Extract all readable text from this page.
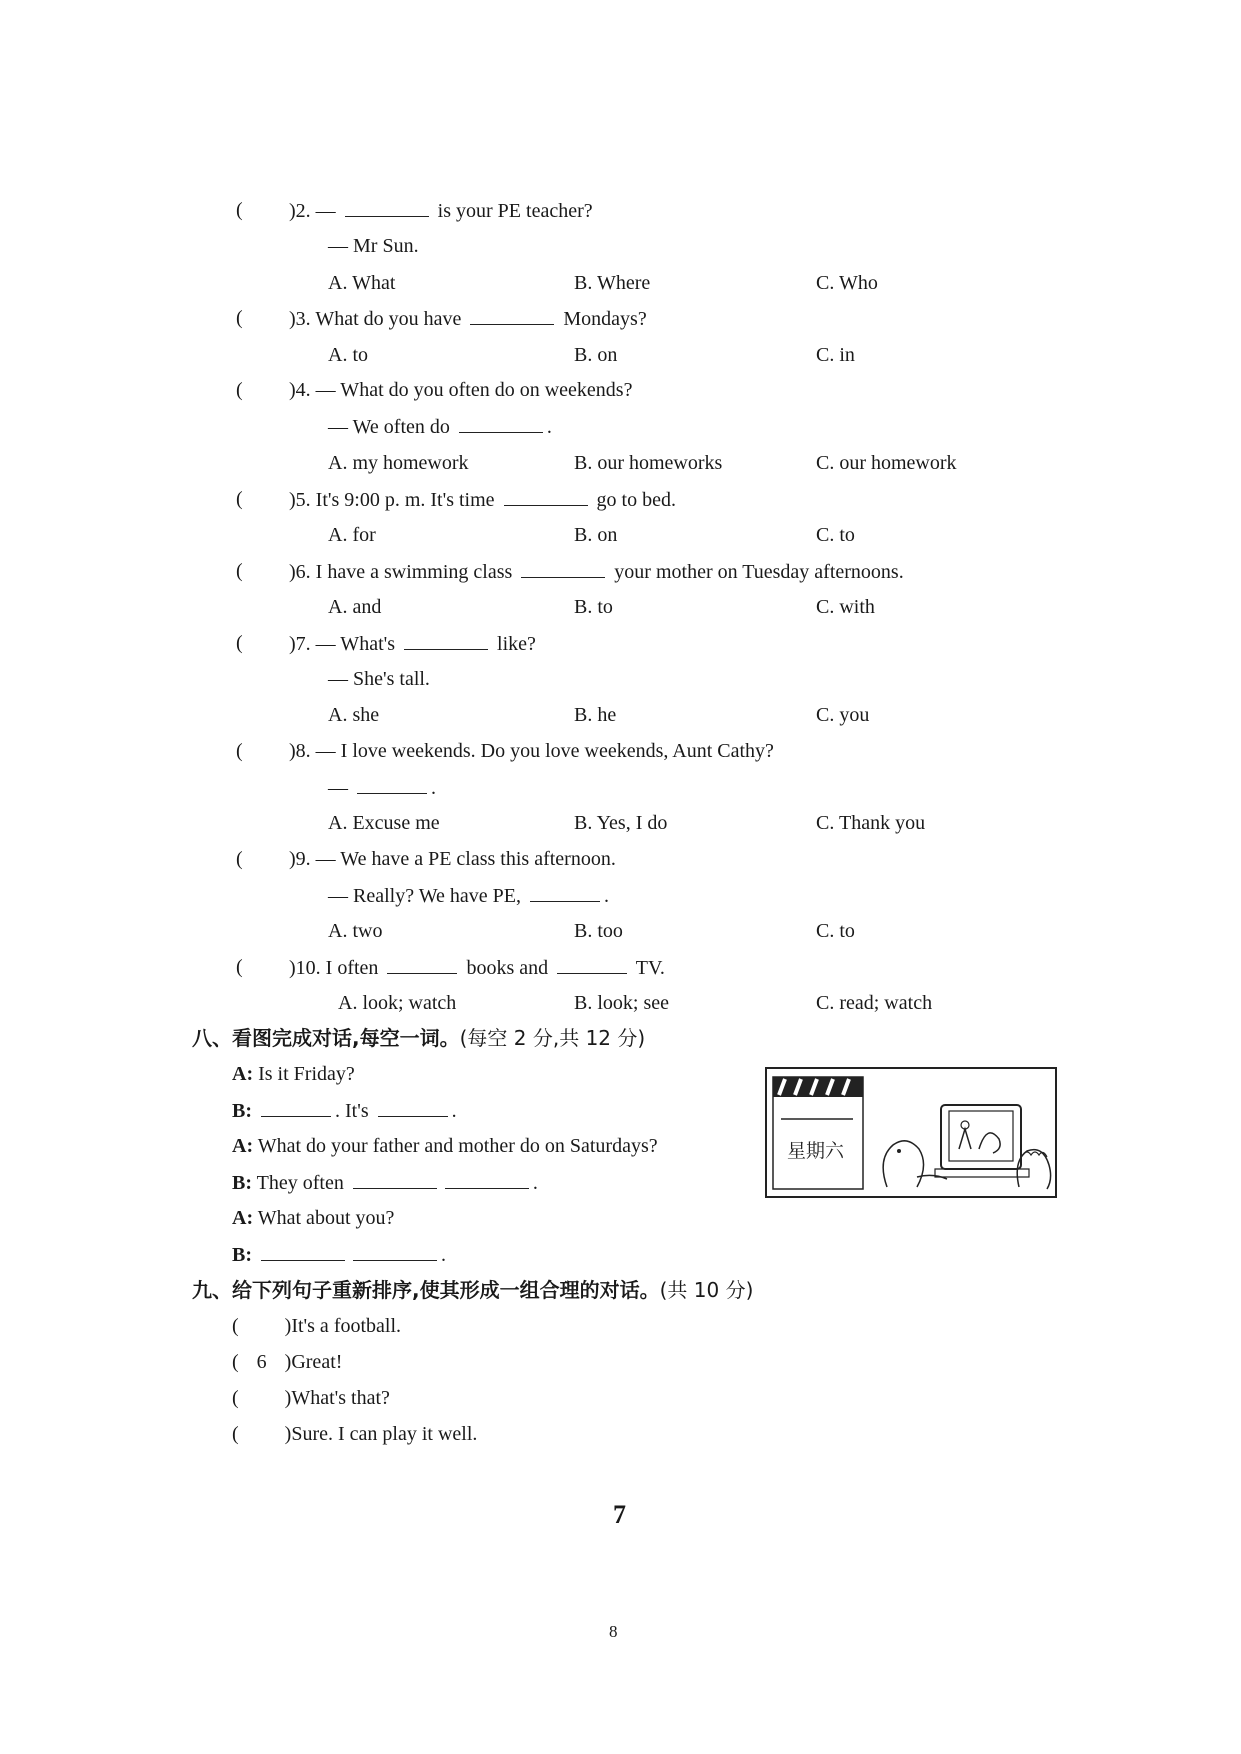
( )2. —	is your PE teacher?
— Mr Sun.
A. What	B. Where	C. Who
( )3. What do you have	Mondays?
A. to	B. on	C. in
( )4. — What do you often do on weekends?
— We often do	.
A. my homework	B. our homeworks	C. our homework
( )5. It's 9:00 p. m. It's time	go to bed.
A. for	B. on	C. to
( )6. I have a swimming class	your mother on Tuesday afternoons.
A. and	B. to	C. with
( )7. — What's	like?
— She's tall.
A. she	B. he	C. you
( )8. — I love weekends. Do you love weekends, Aunt Cathy?
—	.
A. Excuse me	B. Yes, I do	C. Thank you
( )9. — We have a PE class this afternoon.
— Really? We have PE,	.
A. two	B. too	C. to
( )10. I often	books and	TV.
A. look; watch	B. look; see	C. read; watch
八、看图完成对话,每空一词。(每空 2 分,共 12 分)
A: Is it Friday?
B:	. It's	.
A: What do your father and mother do on Saturdays?
B: They often	.
A: What about you?
B:	.
星期六
九、给下列句子重新排序,使其形成一组合理的对话。(共 10 分)
( )It's a football.
( 6 )Great!
( )What's that?
( )Sure. I can play it well.
7
8
